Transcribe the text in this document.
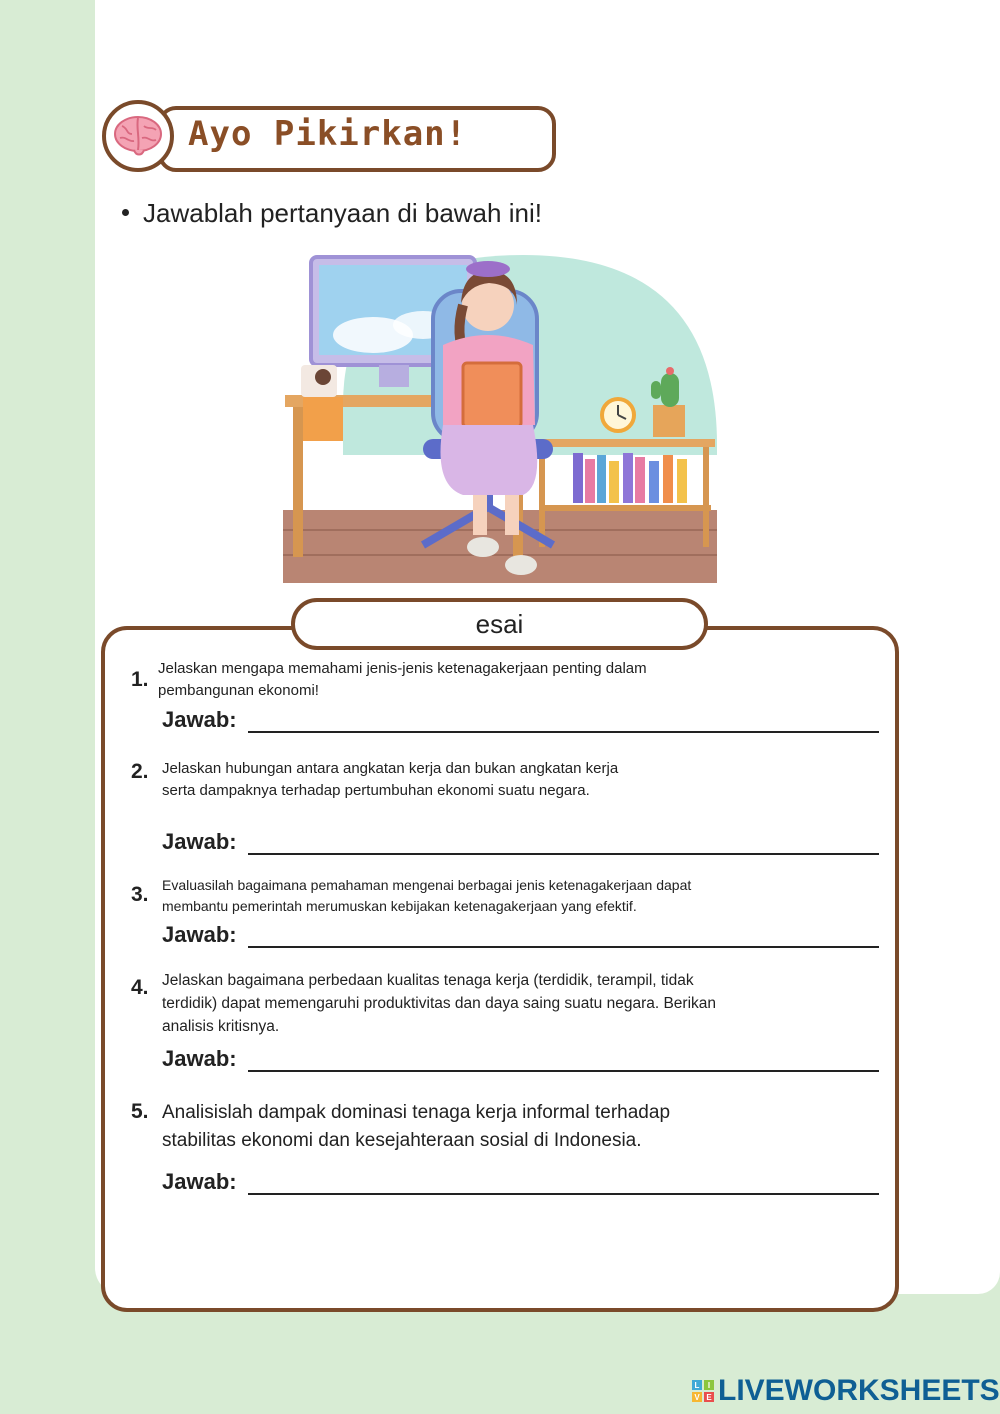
Ayo Pikirkan!
Jawablah pertanyaan di bawah ini!
esai
1. Jelaskan mengapa memahami jenis-jenis ketenagakerjaan penting dalam
pembangunan ekonomi!
Jawab:
2. Jelaskan hubungan antara angkatan kerja dan bukan angkatan kerja
serta dampaknya terhadap pertumbuhan ekonomi suatu negara.
Jawab:
3. Evaluasilah bagaimana pemahaman mengenai berbagai jenis ketenagakerjaan dapat
membantu pemerintah merumuskan kebijakan ketenagakerjaan yang efektif.
Jawab:
4. Jelaskan bagaimana perbedaan kualitas tenaga kerja (terdidik, terampil, tidak
terdidik) dapat memengaruhi produktivitas dan daya saing suatu negara. Berikan
analisis kritisnya.
Jawab:
5. Analisislah dampak dominasi tenaga kerja informal terhadap
stabilitas ekonomi dan kesejahteraan sosial di Indonesia.
Jawab:
L	I
V E LIVEWORKSHEETS
